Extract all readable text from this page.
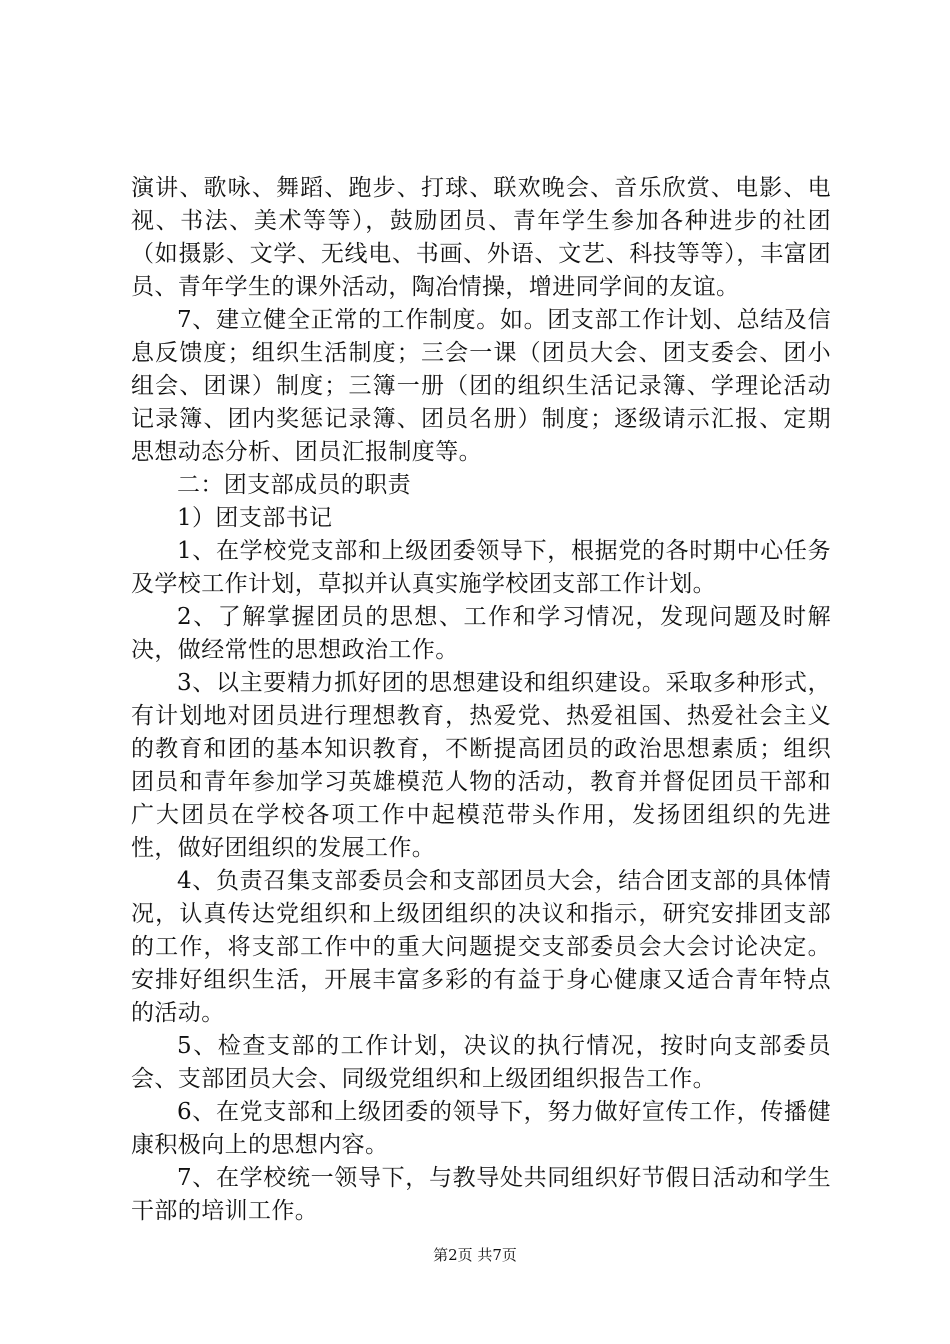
演讲、歌咏、舞蹈、跑步、打球、联欢晚会、音乐欣赏、电影、电视、书法、美术等等），鼓励团员、青年学生参加各种进步的社团（如摄影、文学、无线电、书画、外语、文艺、科技等等），丰富团员、青年学生的课外活动，陶冶情操，增进同学间的友谊。

7、建立健全正常的工作制度。如。团支部工作计划、总结及信息反馈度；组织生活制度；三会一课（团员大会、团支委会、团小组会、团课）制度；三簿一册（团的组织生活记录簿、学理论活动记录簿、团内奖惩记录簿、团员名册）制度；逐级请示汇报、定期思想动态分析、团员汇报制度等。

二：团支部成员的职责

1）团支部书记

1、在学校党支部和上级团委领导下，根据党的各时期中心任务及学校工作计划，草拟并认真实施学校团支部工作计划。

2、了解掌握团员的思想、工作和学习情况，发现问题及时解决，做经常性的思想政治工作。

3、以主要精力抓好团的思想建设和组织建设。采取多种形式，有计划地对团员进行理想教育，热爱党、热爱祖国、热爱社会主义的教育和团的基本知识教育，不断提高团员的政治思想素质；组织团员和青年参加学习英雄模范人物的活动，教育并督促团员干部和广大团员在学校各项工作中起模范带头作用，发扬团组织的先进性，做好团组织的发展工作。

4、负责召集支部委员会和支部团员大会，结合团支部的具体情况，认真传达党组织和上级团组织的决议和指示，研究安排团支部的工作，将支部工作中的重大问题提交支部委员会大会讨论决定。安排好组织生活，开展丰富多彩的有益于身心健康又适合青年特点的活动。

5、检查支部的工作计划，决议的执行情况，按时向支部委员会、支部团员大会、同级党组织和上级团组织报告工作。

6、在党支部和上级团委的领导下，努力做好宣传工作，传播健康积极向上的思想内容。

7、在学校统一领导下，与教导处共同组织好节假日活动和学生干部的培训工作。

第2页 共7页
